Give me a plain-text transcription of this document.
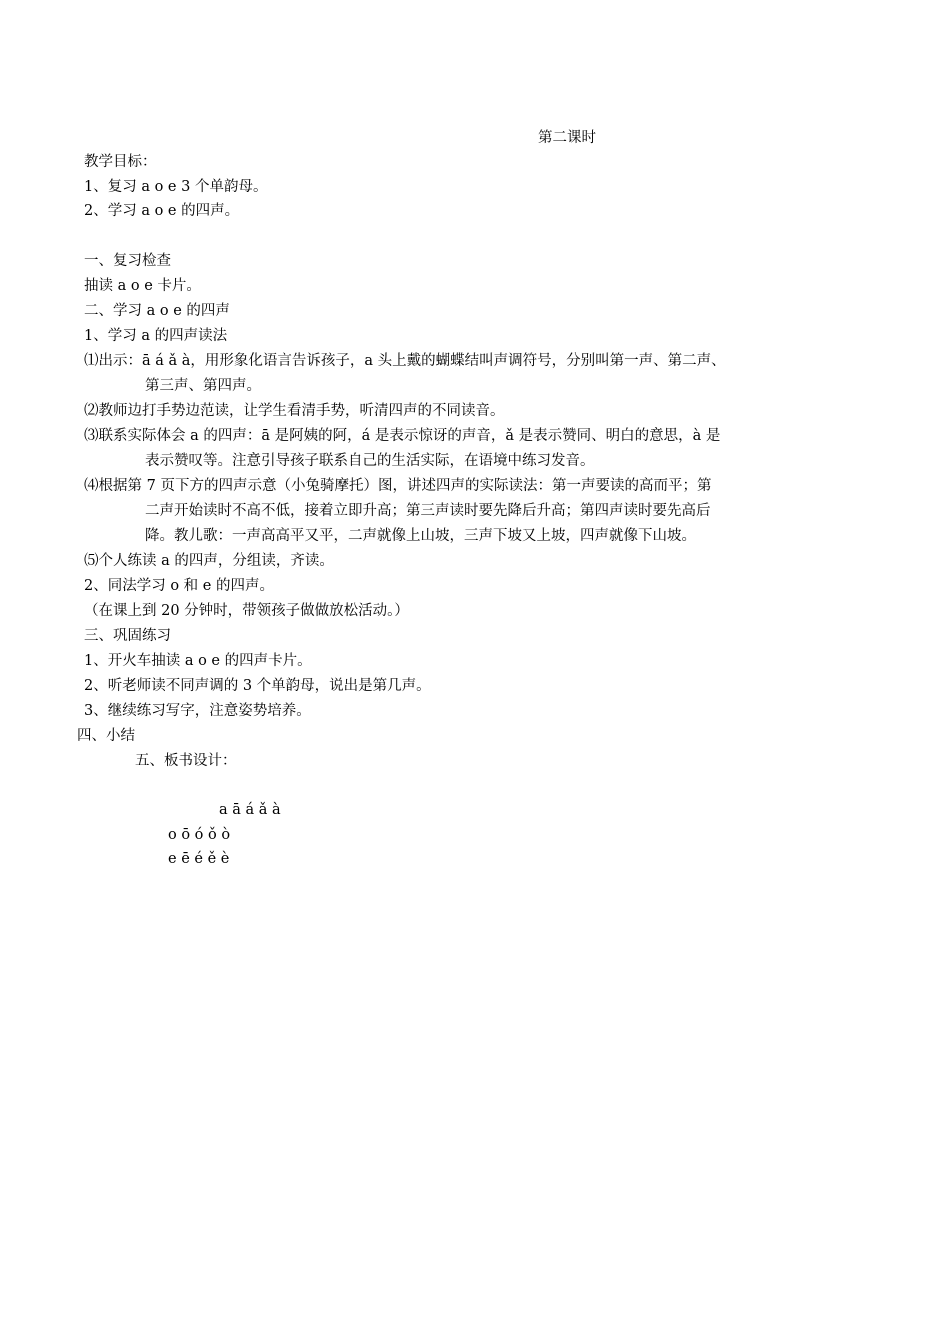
第二课时
教学目标：
1、复习 a o e 3 个单韵母。
2、学习 a o e 的四声。
一、复习检查
抽读 a o e 卡片。
二、学习 a o e 的四声
1、学习 a 的四声读法
⑴出示：ā á ǎ à，用形象化语言告诉孩子，a 头上戴的蝴蝶结叫声调符号，分别叫第一声、第二声、
第三声、第四声。
⑵教师边打手势边范读，让学生看清手势，听清四声的不同读音。
⑶联系实际体会 a 的四声：ā 是阿姨的阿，á 是表示惊讶的声音，ǎ 是表示赞同、明白的意思，à 是
表示赞叹等。注意引导孩子联系自己的生活实际，在语境中练习发音。
⑷根据第 7 页下方的四声示意（小兔骑摩托）图，讲述四声的实际读法：第一声要读的高而平；第
二声开始读时不高不低，接着立即升高；第三声读时要先降后升高；第四声读时要先高后
降。教儿歌：一声高高平又平，二声就像上山坡，三声下坡又上坡，四声就像下山坡。
⑸个人练读 a 的四声，分组读，齐读。
2、同法学习 o 和 e 的四声。
（在课上到 20 分钟时，带领孩子做做放松活动。）
三、巩固练习
1、开火车抽读 a o e 的四声卡片。
2、听老师读不同声调的 3 个单韵母，说出是第几声。
3、继续练习写字，注意姿势培养。
四、小结
五、板书设计：
a ā á ǎ à
o ō ó ǒ ò
e ē é ě è
